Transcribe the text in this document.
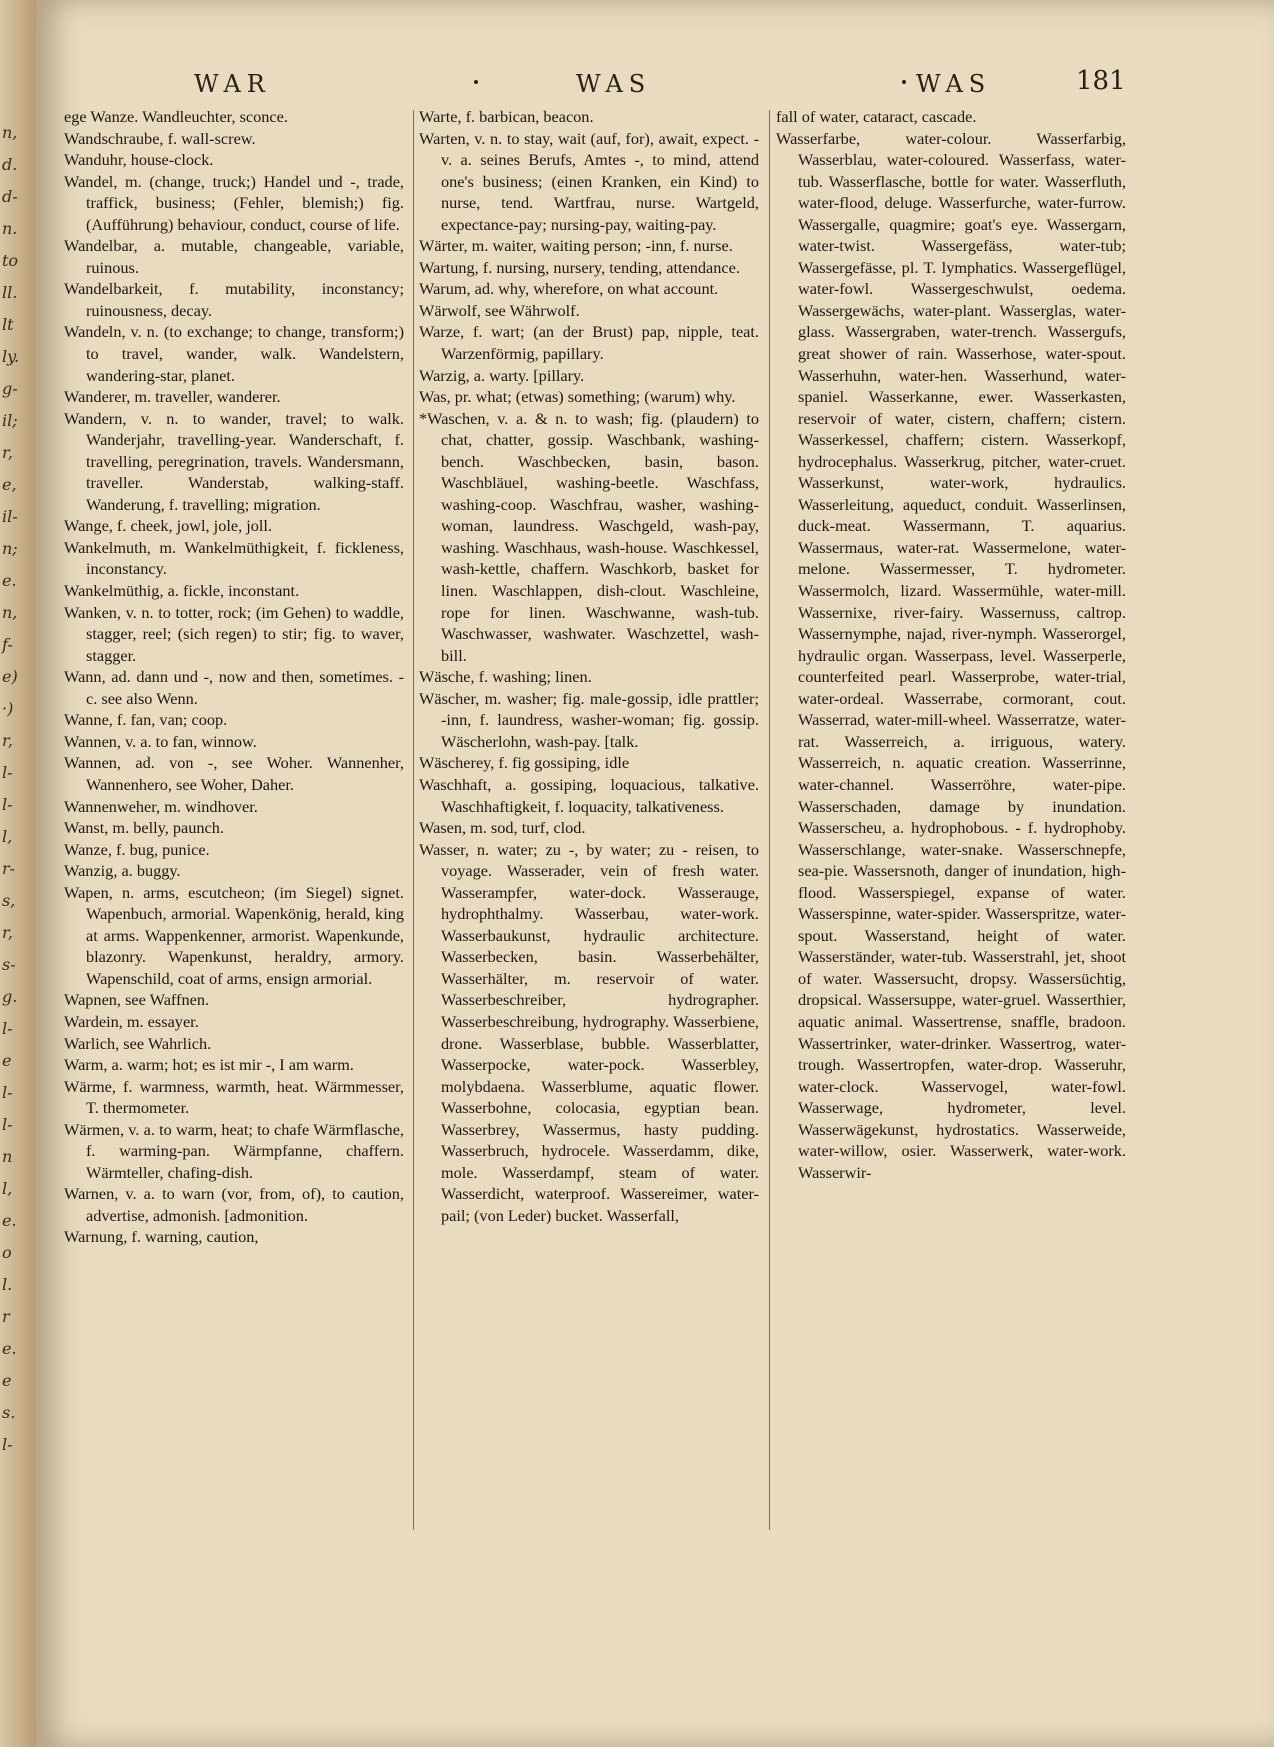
n,
d.
d-
n.
to
ll.
lt
ly.
g-
il;
r,
e,
il-
n;
e.
n,
f-
e)
·)
r,
l-
l-
l,
r-
s,
r,
s-
g.
l-
e
l-
l-
n
l,
e.
o
l.
r
e.
e
s.
l-
WAR	WAS	WAS	181
ege Wanze. Wandleuchter, sconce.
Wandschraube, f. wall-screw.
Wanduhr, house-clock.
Wandel, m. (change, truck;) Handel und -, trade, traffick, business; (Fehler, blemish;) fig. (Aufführung) behaviour, conduct, course of life.
Wandelbar, a. mutable, changeable, variable, ruinous.
Wandelbarkeit, f. mutability, inconstancy; ruinousness, decay.
Wandeln, v. n. (to exchange; to change, transform;) to travel, wander, walk. Wandelstern, wandering-star, planet.
Wanderer, m. traveller, wanderer.
Wandern, v. n. to wander, travel; to walk. Wanderjahr, travelling-year. Wanderschaft, f. travelling, peregrination, travels. Wandersmann, traveller. Wanderstab, walking-staff. Wanderung, f. travelling; migration.
Wange, f. cheek, jowl, jole, joll.
Wankelmuth, m. Wankelmüthigkeit, f. fickleness, inconstancy.
Wankelmüthig, a. fickle, inconstant.
Wanken, v. n. to totter, rock; (im Gehen) to waddle, stagger, reel; (sich regen) to stir; fig. to waver, stagger.
Wann, ad. dann und -, now and then, sometimes. - c. see also Wenn.
Wanne, f. fan, van; coop.
Wannen, v. a. to fan, winnow.
Wannen, ad. von -, see Woher. Wannenher, Wannenhero, see Woher, Daher.
Wannenweher, m. windhover.
Wanst, m. belly, paunch.
Wanze, f. bug, punice.
Wanzig, a. buggy.
Wapen, n. arms, escutcheon; (im Siegel) signet. Wapenbuch, armorial. Wapenkönig, herald, king at arms. Wappenkenner, armorist. Wapenkunde, blazonry. Wapenkunst, heraldry, armory. Wapenschild, coat of arms, ensign armorial.
Wapnen, see Waffnen.
Wardein, m. essayer.
Warlich, see Wahrlich.
Warm, a. warm; hot; es ist mir -, I am warm.
Wärme, f. warmness, warmth, heat. Wärmmesser, T. thermometer.
Wärmen, v. a. to warm, heat; to chafe Wärmflasche, f. warming-pan. Wärmpfanne, chaffern. Wärmteller, chafing-dish.
Warnen, v. a. to warn (vor, from, of), to caution, advertise, admonish. [admonition.
Warnung, f. warning, caution,
Warte, f. barbican, beacon.
Warten, v. n. to stay, wait (auf, for), await, expect. - v. a. seines Berufs, Amtes -, to mind, attend one's business; (einen Kranken, ein Kind) to nurse, tend. Wartfrau, nurse. Wartgeld, expectance-pay; nursing-pay, waiting-pay.
Wärter, m. waiter, waiting person; -inn, f. nurse.
Wartung, f. nursing, nursery, tending, attendance.
Warum, ad. why, wherefore, on what account.
Wärwolf, see Währwolf.
Warze, f. wart; (an der Brust) pap, nipple, teat. Warzenförmig, papillary.
Warzig, a. warty. [pillary.
Was, pr. what; (etwas) something; (warum) why.
*Waschen, v. a. & n. to wash; fig. (plaudern) to chat, chatter, gossip. Waschbank, washing-bench. Waschbecken, basin, bason. Waschbläuel, washing-beetle. Waschfass, washing-coop. Waschfrau, washer, washing-woman, laundress. Waschgeld, wash-pay, washing. Waschhaus, wash-house. Waschkessel, wash-kettle, chaffern. Waschkorb, basket for linen. Waschlappen, dish-clout. Waschleine, rope for linen. Waschwanne, wash-tub. Waschwasser, washwater. Waschzettel, wash-bill.
Wäsche, f. washing; linen.
Wäscher, m. washer; fig. male-gossip, idle prattler; -inn, f. laundress, washer-woman; fig. gossip. Wäscherlohn, wash-pay. [talk.
Wäscherey, f. fig gossiping, idle
Waschhaft, a. gossiping, loquacious, talkative. Waschhaftigkeit, f. loquacity, talkativeness.
Wasen, m. sod, turf, clod.
Wasser, n. water; zu -, by water; zu - reisen, to voyage. Wasserader, vein of fresh water. Wasserampfer, water-dock. Wasserauge, hydrophthalmy. Wasserbau, water-work. Wasserbaukunst, hydraulic architecture. Wasserbecken, basin. Wasserbehälter, Wasserhälter, m. reservoir of water. Wasserbeschreiber, hydrographer. Wasserbeschreibung, hydrography. Wasserbiene, drone. Wasserblase, bubble. Wasserblatter, Wasserpocke, water-pock. Wasserbley, molybdaena. Wasserblume, aquatic flower. Wasserbohne, colocasia, egyptian bean. Wasserbrey, Wassermus, hasty pudding. Wasserbruch, hydrocele. Wasserdamm, dike, mole. Wasserdampf, steam of water. Wasserdicht, waterproof. Wassereimer, water-pail; (von Leder) bucket. Wasserfall,
fall of water, cataract, cascade.
Wasserfarbe, water-colour. Wasserfarbig, Wasserblau, water-coloured. Wasserfass, water-tub. Wasserflasche, bottle for water. Wasserfluth, water-flood, deluge. Wasserfurche, water-furrow. Wassergalle, quagmire; goat's eye. Wassergarn, water-twist. Wassergefäss, water-tub; Wassergefässe, pl. T. lymphatics. Wassergeflügel, water-fowl. Wassergeschwulst, oedema. Wassergewächs, water-plant. Wasserglas, water-glass. Wassergraben, water-trench. Wassergufs, great shower of rain. Wasserhose, water-spout. Wasserhuhn, water-hen. Wasserhund, water-spaniel. Wasserkanne, ewer. Wasserkasten, reservoir of water, cistern, chaffern; cistern. Wasserkessel, chaffern; cistern. Wasserkopf, hydrocephalus. Wasserkrug, pitcher, water-cruet. Wasserkunst, water-work, hydraulics. Wasserleitung, aqueduct, conduit. Wasserlinsen, duck-meat. Wassermann, T. aquarius. Wassermaus, water-rat. Wassermelone, water-melone. Wassermesser, T. hydrometer. Wassermolch, lizard. Wassermühle, water-mill. Wassernixe, river-fairy. Wassernuss, caltrop. Wassernymphe, najad, river-nymph. Wasserorgel, hydraulic organ. Wasserpass, level. Wasserperle, counterfeited pearl. Wasserprobe, water-trial, water-ordeal. Wasserrabe, cormorant, cout. Wasserrad, water-mill-wheel. Wasserratze, water-rat. Wasserreich, a. irriguous, watery. Wasserreich, n. aquatic creation. Wasserrinne, water-channel. Wasserröhre, water-pipe. Wasserschaden, damage by inundation. Wasserscheu, a. hydrophobous. - f. hydrophoby. Wasserschlange, water-snake. Wasserschnepfe, sea-pie. Wassersnoth, danger of inundation, high-flood. Wasserspiegel, expanse of water. Wasserspinne, water-spider. Wasserspritze, water-spout. Wasserstand, height of water. Wasserständer, water-tub. Wasserstrahl, jet, shoot of water. Wassersucht, dropsy. Wassersüchtig, dropsical. Wassersuppe, water-gruel. Wasserthier, aquatic animal. Wassertrense, snaffle, bradoon. Wassertrinker, water-drinker. Wassertrog, water-trough. Wassertropfen, water-drop. Wasseruhr, water-clock. Wasservogel, water-fowl. Wasserwage, hydrometer, level. Wasserwägekunst, hydrostatics. Wasserweide, water-willow, osier. Wasserwerk, water-work. Wasserwir-
